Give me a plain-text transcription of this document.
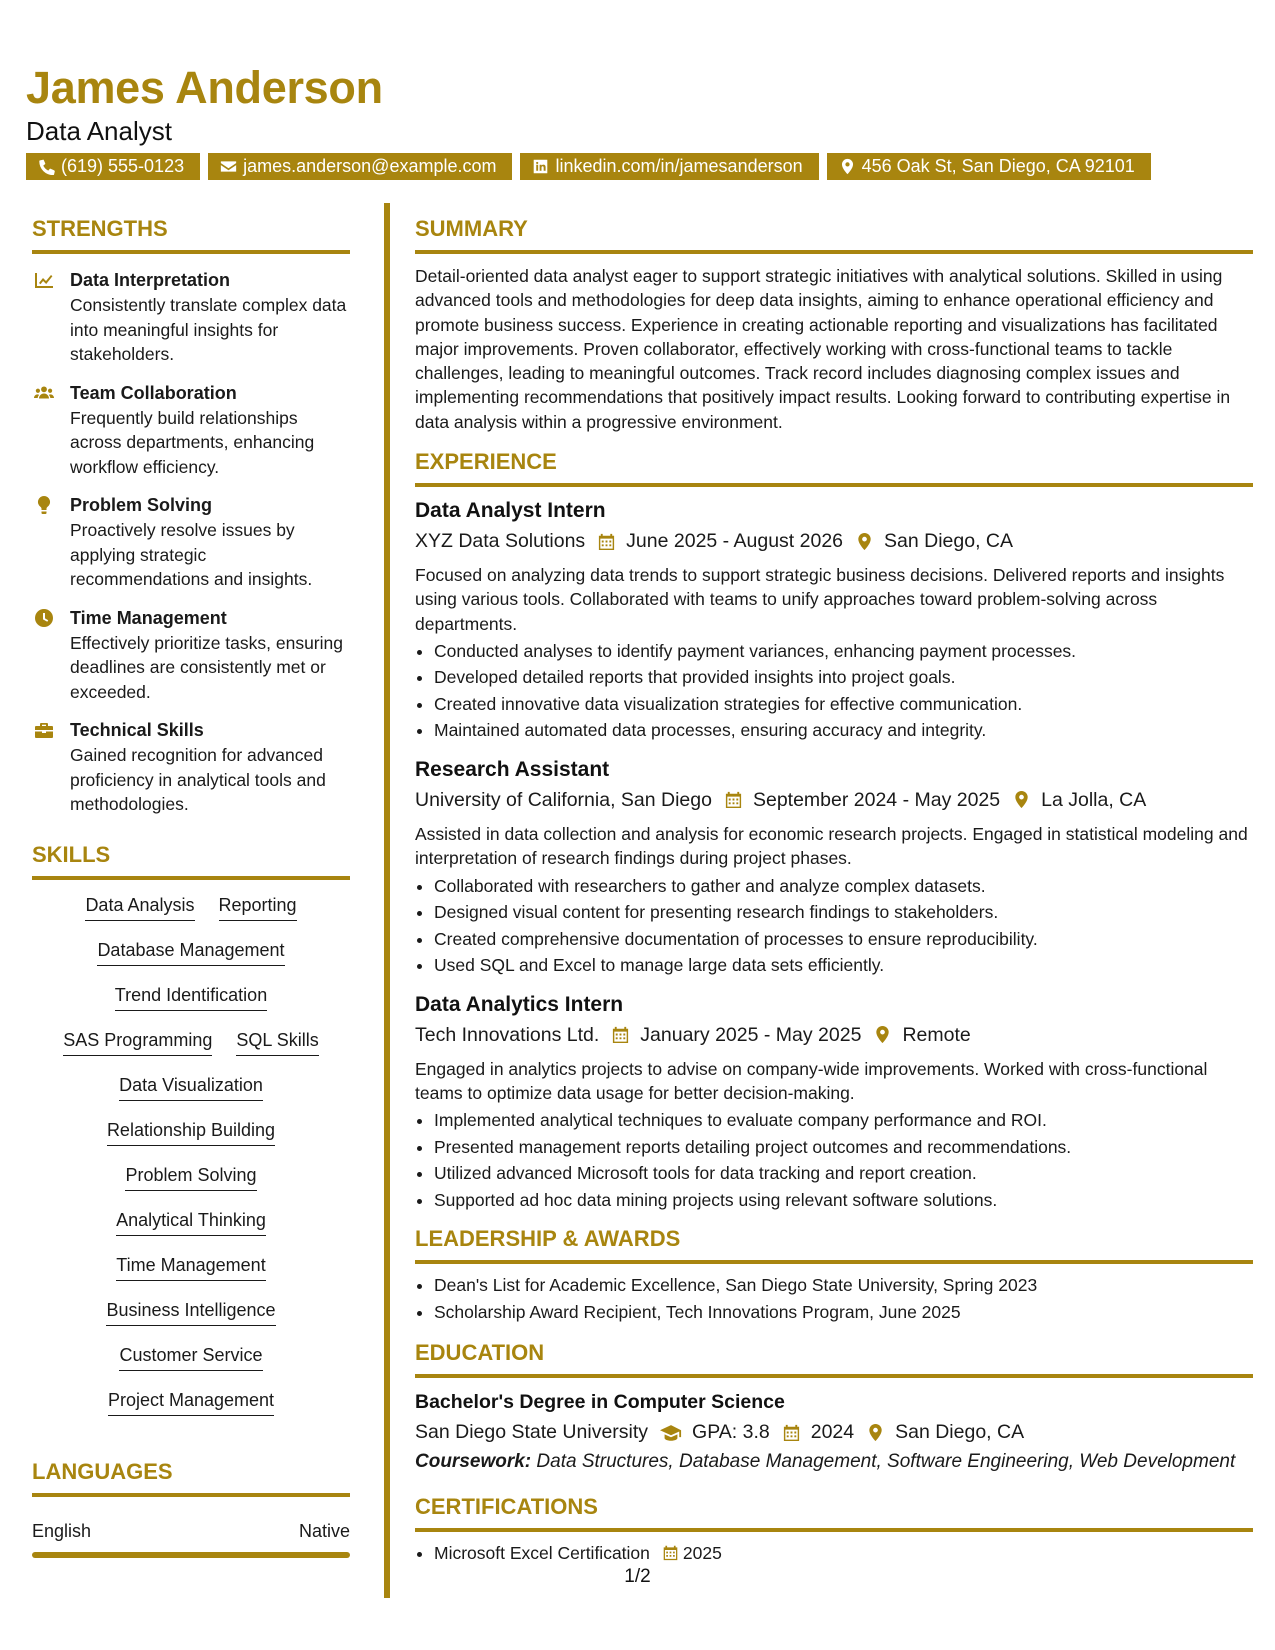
James Anderson
Data Analyst
(619) 555-0123	james.anderson@example.com	linkedin.com/in/jamesanderson	456 Oak St, San Diego, CA 92101
STRENGTHS
Data Interpretation
Consistently translate complex data into meaningful insights for stakeholders.
Team Collaboration
Frequently build relationships across departments, enhancing workflow efficiency.
Problem Solving
Proactively resolve issues by applying strategic recommendations and insights.
Time Management
Effectively prioritize tasks, ensuring deadlines are consistently met or exceeded.
Technical Skills
Gained recognition for advanced proficiency in analytical tools and methodologies.
SKILLS
Data Analysis Reporting
Database Management
Trend Identification
SAS Programming SQL Skills
Data Visualization
Relationship Building
Problem Solving
Analytical Thinking
Time Management
Business Intelligence
Customer Service
Project Management
LANGUAGES
English	Native
SUMMARY
Detail-oriented data analyst eager to support strategic initiatives with analytical solutions. Skilled in using advanced tools and methodologies for deep data insights, aiming to enhance operational efficiency and promote business success. Experience in creating actionable reporting and visualizations has facilitated major improvements. Proven collaborator, effectively working with cross-functional teams to tackle challenges, leading to meaningful outcomes. Track record includes diagnosing complex issues and implementing recommendations that positively impact results. Looking forward to contributing expertise in data analysis within a progressive environment.
EXPERIENCE
Data Analyst Intern
XYZ Data Solutions June 2025 - August 2026 San Diego, CA
Focused on analyzing data trends to support strategic business decisions. Delivered reports and insights using various tools. Collaborated with teams to unify approaches toward problem-solving across departments.
• Conducted analyses to identify payment variances, enhancing payment processes.
• Developed detailed reports that provided insights into project goals.
• Created innovative data visualization strategies for effective communication.
• Maintained automated data processes, ensuring accuracy and integrity.
Research Assistant
University of California, San Diego September 2024 - May 2025 La Jolla, CA
Assisted in data collection and analysis for economic research projects. Engaged in statistical modeling and interpretation of research findings during project phases.
• Collaborated with researchers to gather and analyze complex datasets.
• Designed visual content for presenting research findings to stakeholders.
• Created comprehensive documentation of processes to ensure reproducibility.
• Used SQL and Excel to manage large data sets efficiently.
Data Analytics Intern
Tech Innovations Ltd. January 2025 - May 2025 Remote
Engaged in analytics projects to advise on company-wide improvements. Worked with cross-functional teams to optimize data usage for better decision-making.
• Implemented analytical techniques to evaluate company performance and ROI.
• Presented management reports detailing project outcomes and recommendations.
• Utilized advanced Microsoft tools for data tracking and report creation.
• Supported ad hoc data mining projects using relevant software solutions.
LEADERSHIP & AWARDS
• Dean's List for Academic Excellence, San Diego State University, Spring 2023
• Scholarship Award Recipient, Tech Innovations Program, June 2025
EDUCATION
Bachelor's Degree in Computer Science
San Diego State University GPA: 3.8 2024 San Diego, CA
Coursework: Data Structures, Database Management, Software Engineering, Web Development
CERTIFICATIONS
• Microsoft Excel Certification 2025
1/2
